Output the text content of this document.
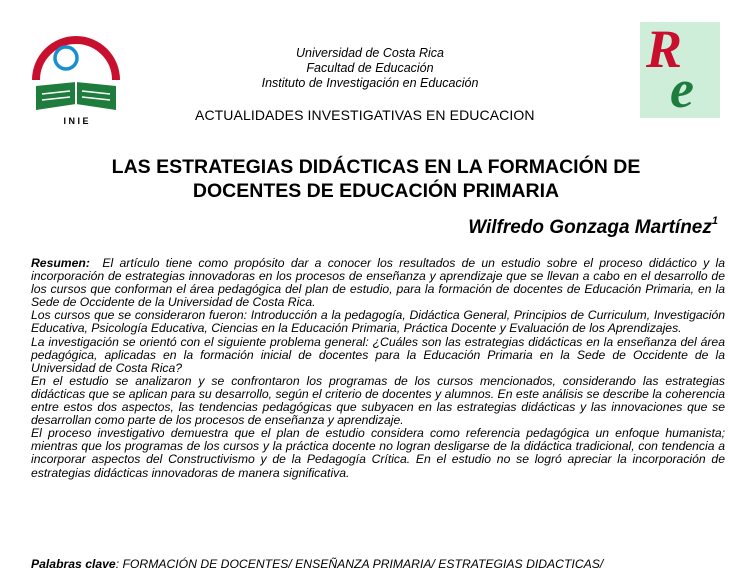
I N I E
Universidad de Costa Rica
Facultad de Educación
Instituto de Investigación en Educación
ACTUALIDADES INVESTIGATIVAS EN EDUCACION
R
e
LAS ESTRATEGIAS DIDÁCTICAS EN LA FORMACIÓN DE
DOCENTES DE EDUCACIÓN PRIMARIA
Wilfredo Gonzaga Martínez$^1$

Resumen: El artículo tiene como propósito dar a conocer los resultados de un estudio sobre el proceso didáctico y la incorporación de estrategias innovadoras en los procesos de enseñanza y aprendizaje que se llevan a cabo en el desarrollo de los cursos que conforman el área pedagógica del plan de estudio, para la formación de docentes de Educación Primaria, en la Sede de Occidente de la Universidad de Costa Rica.

Los cursos que se consideraron fueron: Introducción a la pedagogía, Didáctica General, Principios de Curriculum, Investigación Educativa, Psicología Educativa, Ciencias en la Educación Primaria, Práctica Docente y Evaluación de los Aprendizajes.

La investigación se orientó con el siguiente problema general: ¿Cuáles son las estrategias didácticas en la enseñanza del área pedagógica, aplicadas en la formación inicial de docentes para la Educación Primaria en la Sede de Occidente de la Universidad de Costa Rica?

En el estudio se analizaron y se confrontaron los programas de los cursos mencionados, considerando las estrategias didácticas que se aplican para su desarrollo, según el criterio de docentes y alumnos. En este análisis se describe la coherencia entre estos dos aspectos, las tendencias pedagógicas que subyacen en las estrategias didácticas y las innovaciones que se desarrollan como parte de los procesos de enseñanza y aprendizaje.

El proceso investigativo demuestra que el plan de estudio considera como referencia pedagógica un enfoque humanista; mientras que los programas de los cursos y la práctica docente no logran desligarse de la didáctica tradicional, con tendencia a incorporar aspectos del Constructivismo y de la Pedagogía Crítica. En el estudio no se logró apreciar la incorporación de estrategias didácticas innovadoras de manera significativa.

Palabras clave: FORMACIÓN DE DOCENTES/ ENSEÑANZA PRIMARIA/ ESTRATEGIAS DIDACTICAS/
